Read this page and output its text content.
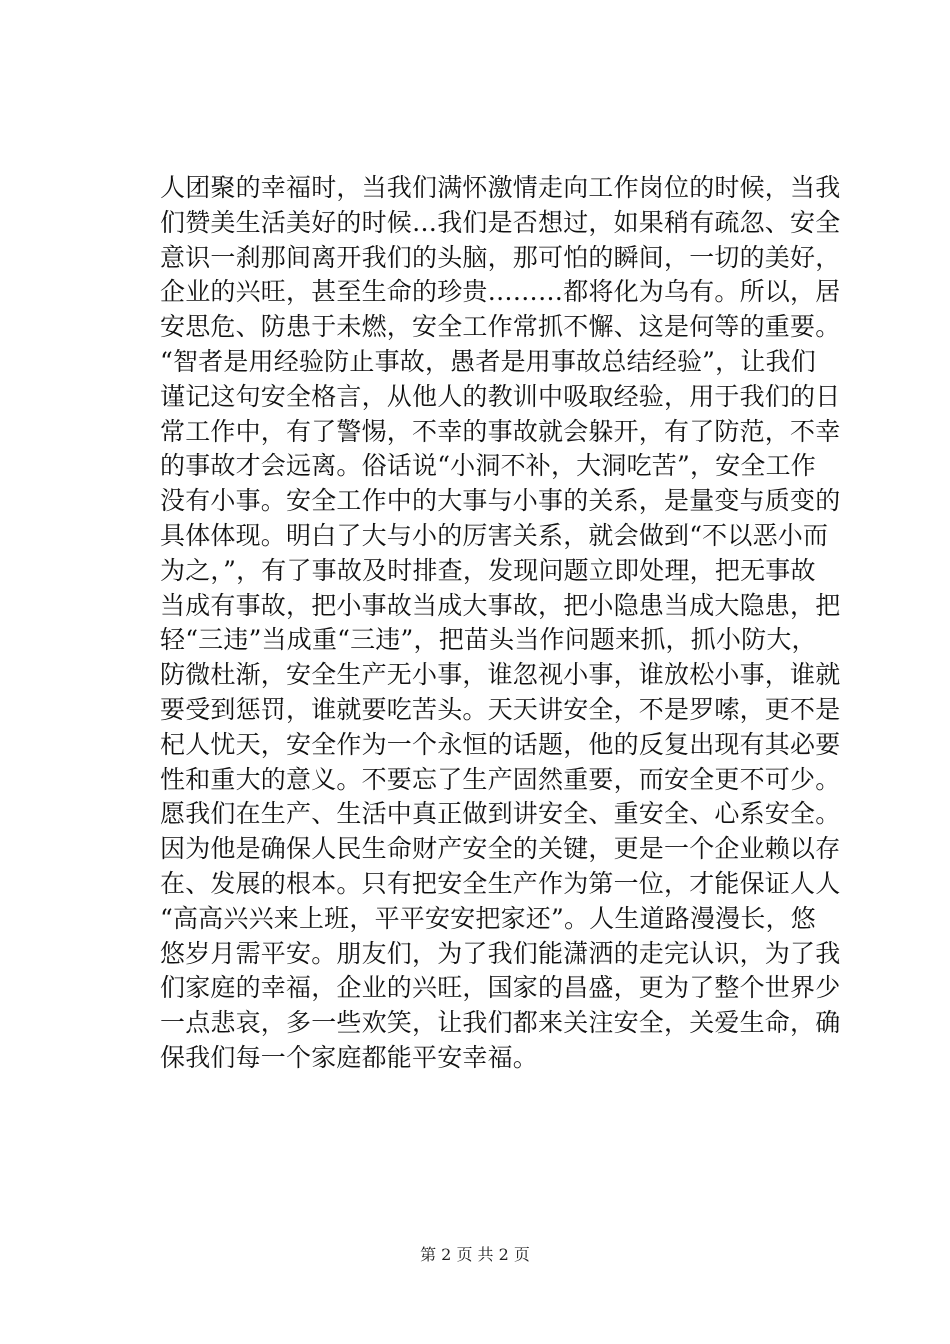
人团聚的幸福时，当我们满怀激情走向工作岗位的时候，当我
们赞美生活美好的时候…我们是否想过，如果稍有疏忽、安全
意识一刹那间离开我们的头脑，那可怕的瞬间，一切的美好，
企业的兴旺，甚至生命的珍贵………都将化为乌有。所以，居
安思危、防患于未燃，安全工作常抓不懈、这是何等的重要。
“智者是用经验防止事故，愚者是用事故总结经验”，让我们
谨记这句安全格言，从他人的教训中吸取经验，用于我们的日
常工作中，有了警惕，不幸的事故就会躲开，有了防范，不幸
的事故才会远离。俗话说“小洞不补，大洞吃苦”，安全工作
没有小事。安全工作中的大事与小事的关系，是量变与质变的
具体体现。明白了大与小的厉害关系，就会做到“不以恶小而
为之，”，有了事故及时排查，发现问题立即处理，把无事故
当成有事故，把小事故当成大事故，把小隐患当成大隐患，把
轻“三违”当成重“三违”，把苗头当作问题来抓，抓小防大，
防微杜渐，安全生产无小事，谁忽视小事，谁放松小事，谁就
要受到惩罚，谁就要吃苦头。天天讲安全，不是罗嗦，更不是
杞人忧天，安全作为一个永恒的话题，他的反复出现有其必要
性和重大的意义。不要忘了生产固然重要，而安全更不可少。
愿我们在生产、生活中真正做到讲安全、重安全、心系安全。
因为他是确保人民生命财产安全的关键，更是一个企业赖以存
在、发展的根本。只有把安全生产作为第一位，才能保证人人
“高高兴兴来上班，平平安安把家还”。人生道路漫漫长，悠
悠岁月需平安。朋友们，为了我们能潇洒的走完认识，为了我
们家庭的幸福，企业的兴旺，国家的昌盛，更为了整个世界少
一点悲哀，多一些欢笑，让我们都来关注安全，关爱生命，确
保我们每一个家庭都能平安幸福。
第 2 页 共 2 页
